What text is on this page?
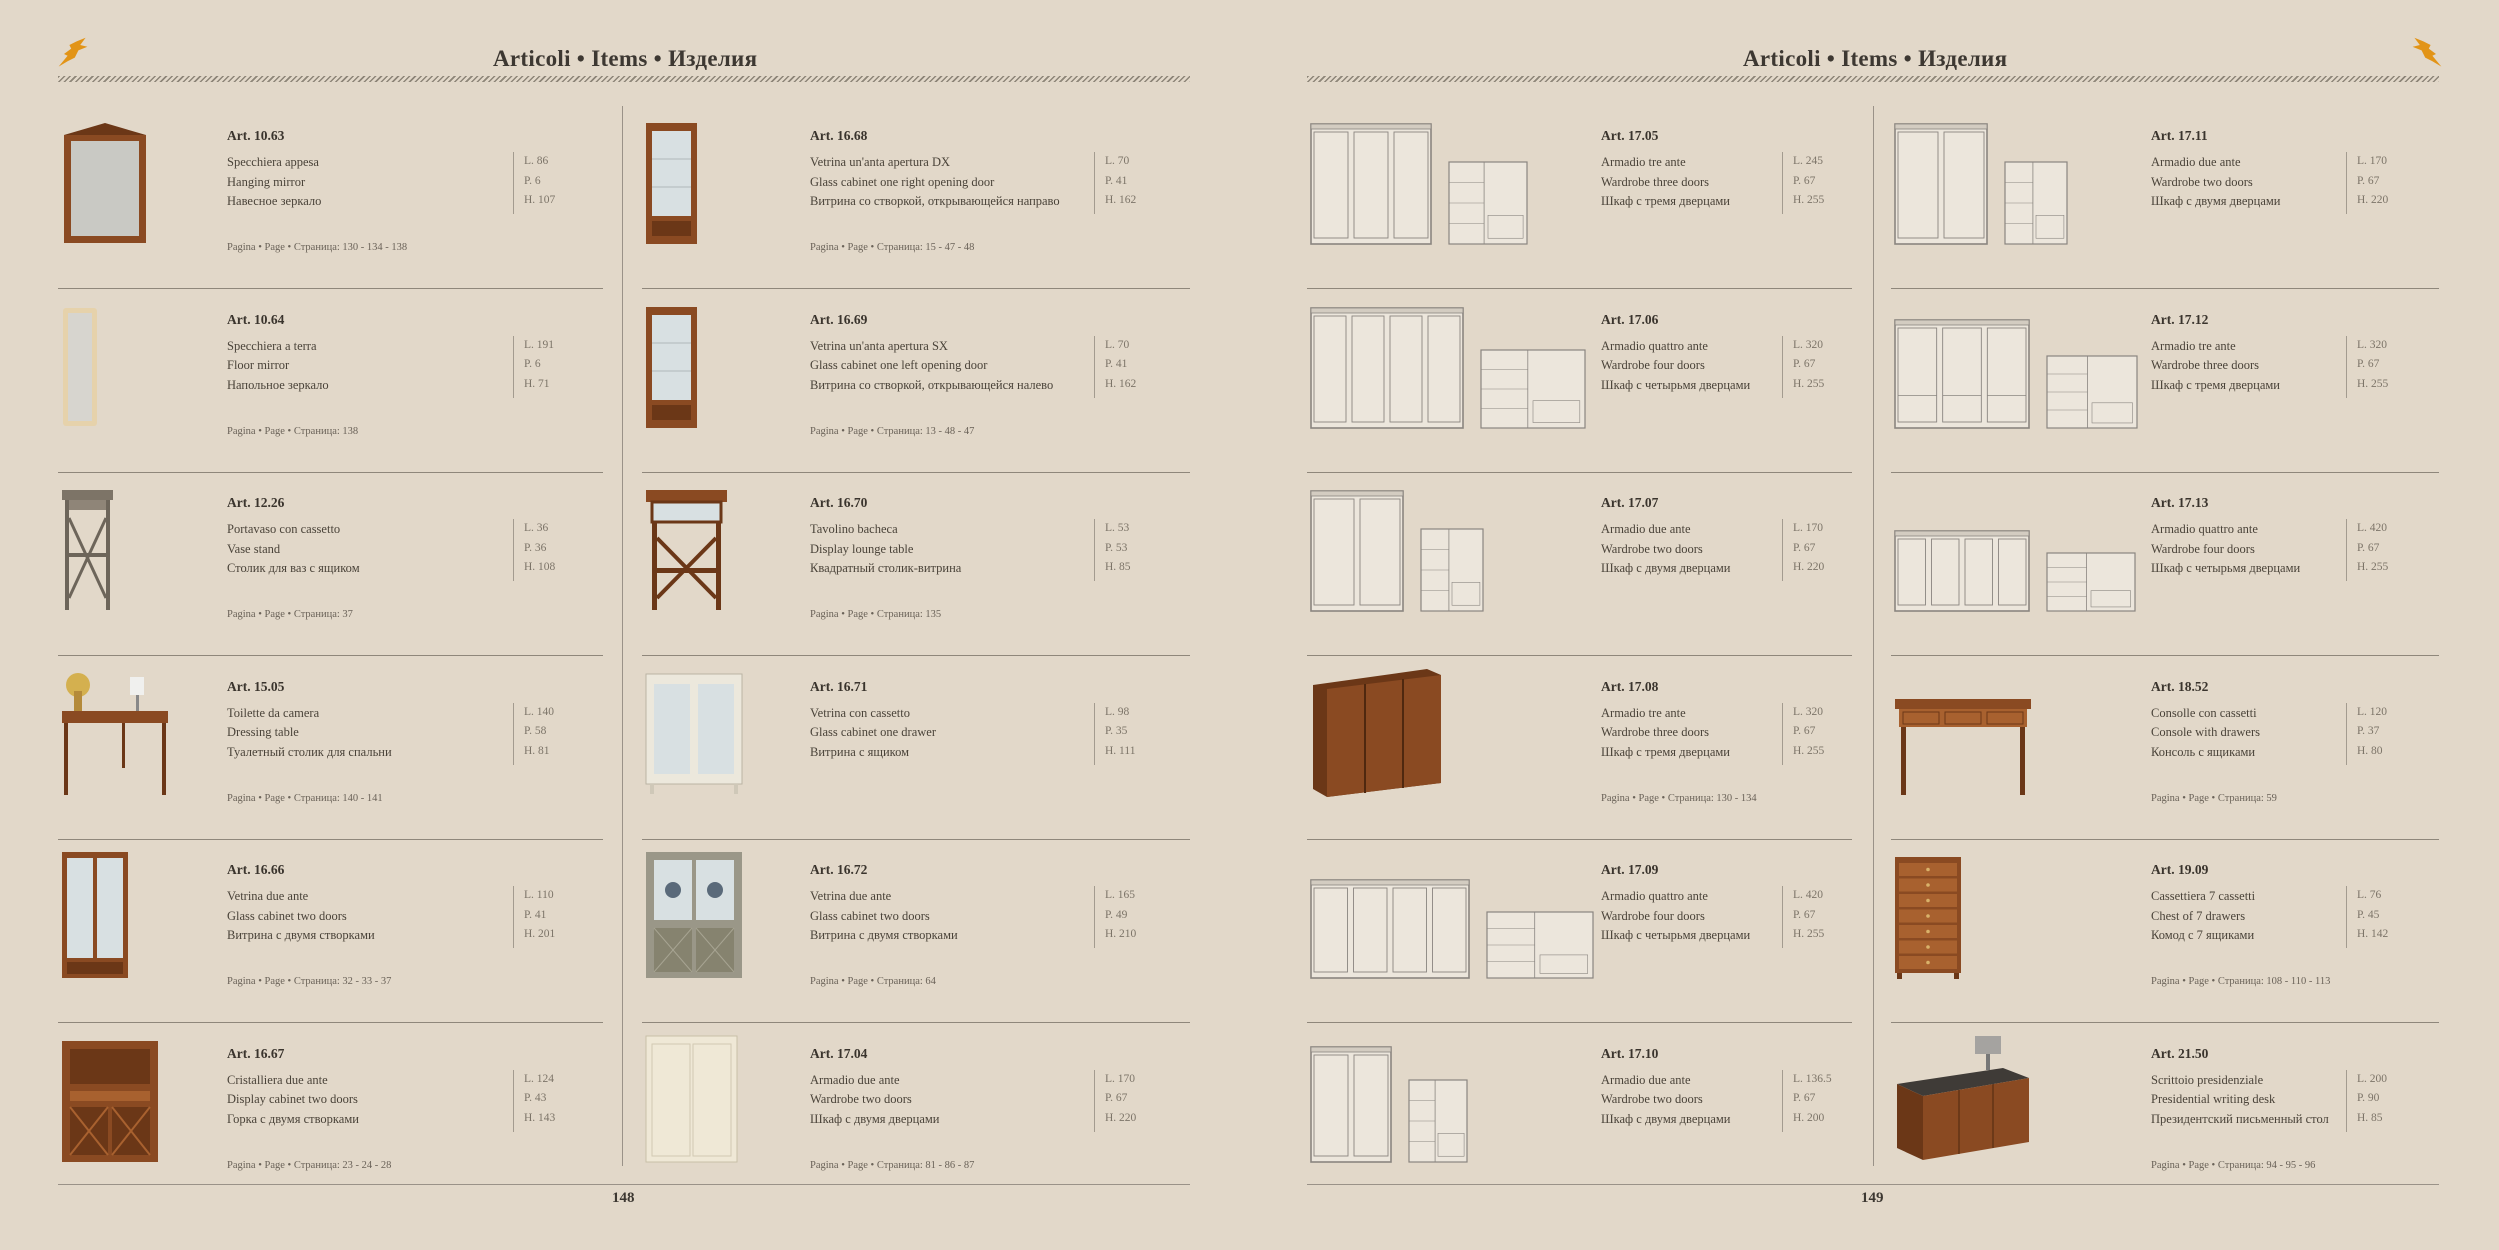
Articoli • Items • Изделия
148
Art. 10.63
Specchiera appesa
Hanging mirror
Навесное зеркало
L. 86
P. 6
H. 107
Pagina • Page • Страница: 130 - 134 - 138
Art. 10.64
Specchiera a terra
Floor mirror
Напольное зеркало
L. 191
P. 6
H. 71
Pagina • Page • Страница: 138
Art. 12.26
Portavaso con cassetto
Vase stand
Столик для ваз с ящиком
L. 36
P. 36
H. 108
Pagina • Page • Страница: 37
Art. 15.05
Toilette da camera
Dressing table
Туалетный столик для спальни
L. 140
P. 58
H. 81
Pagina • Page • Страница: 140 - 141
Art. 16.66
Vetrina due ante
Glass cabinet two doors
Витрина с двумя створками
L. 110
P. 41
H. 201
Pagina • Page • Страница: 32 - 33 - 37
Art. 16.67
Cristalliera due ante
Display cabinet two doors
Горка с двумя створками
L. 124
P. 43
H. 143
Pagina • Page • Страница: 23 - 24 - 28
Art. 16.68
Vetrina un'anta apertura DX
Glass cabinet one right opening door
Витрина со створкой, открывающейся направо
L. 70
P. 41
H. 162
Pagina • Page • Страница: 15 - 47 - 48
Art. 16.69
Vetrina un'anta apertura SX
Glass cabinet one left opening door
Витрина со створкой, открывающейся налево
L. 70
P. 41
H. 162
Pagina • Page • Страница: 13 - 48 - 47
Art. 16.70
Tavolino bacheca
Display lounge table
Квадратный столик-витрина
L. 53
P. 53
H. 85
Pagina • Page • Страница: 135
Art. 16.71
Vetrina con cassetto
Glass cabinet one drawer
Витрина с ящиком
L. 98
P. 35
H. 111
Art. 16.72
Vetrina due ante
Glass cabinet two doors
Витрина с двумя створками
L. 165
P. 49
H. 210
Pagina • Page • Страница: 64
Art. 17.04
Armadio due ante
Wardrobe two doors
Шкаф с двумя дверцами
L. 170
P. 67
H. 220
Pagina • Page • Страница: 81 - 86 - 87
Articoli • Items • Изделия
149
Art. 17.05
Armadio tre ante
Wardrobe three doors
Шкаф с тремя дверцами
L. 245
P. 67
H. 255
Art. 17.06
Armadio quattro ante
Wardrobe four doors
Шкаф с четырьмя дверцами
L. 320
P. 67
H. 255
Art. 17.07
Armadio due ante
Wardrobe two doors
Шкаф с двумя дверцами
L. 170
P. 67
H. 220
Art. 17.08
Armadio tre ante
Wardrobe three doors
Шкаф с тремя дверцами
L. 320
P. 67
H. 255
Pagina • Page • Страница: 130 - 134
Art. 17.09
Armadio quattro ante
Wardrobe four doors
Шкаф с четырьмя дверцами
L. 420
P. 67
H. 255
Art. 17.10
Armadio due ante
Wardrobe two doors
Шкаф с двумя дверцами
L. 136.5
P. 67
H. 200
Art. 17.11
Armadio due ante
Wardrobe two doors
Шкаф с двумя дверцами
L. 170
P. 67
H. 220
Art. 17.12
Armadio tre ante
Wardrobe three doors
Шкаф с тремя дверцами
L. 320
P. 67
H. 255
Art. 17.13
Armadio quattro ante
Wardrobe four doors
Шкаф с четырьмя дверцами
L. 420
P. 67
H. 255
Art. 18.52
Consolle con cassetti
Console with drawers
Консоль с ящиками
L. 120
P. 37
H. 80
Pagina • Page • Страница: 59
Art. 19.09
Cassettiera 7 cassetti
Chest of 7 drawers
Комод с 7 ящиками
L. 76
P. 45
H. 142
Pagina • Page • Страница: 108 - 110 - 113
Art. 21.50
Scrittoio presidenziale
Presidential writing desk
Президентский письменный стол
L. 200
P. 90
H. 85
Pagina • Page • Страница: 94 - 95 - 96
